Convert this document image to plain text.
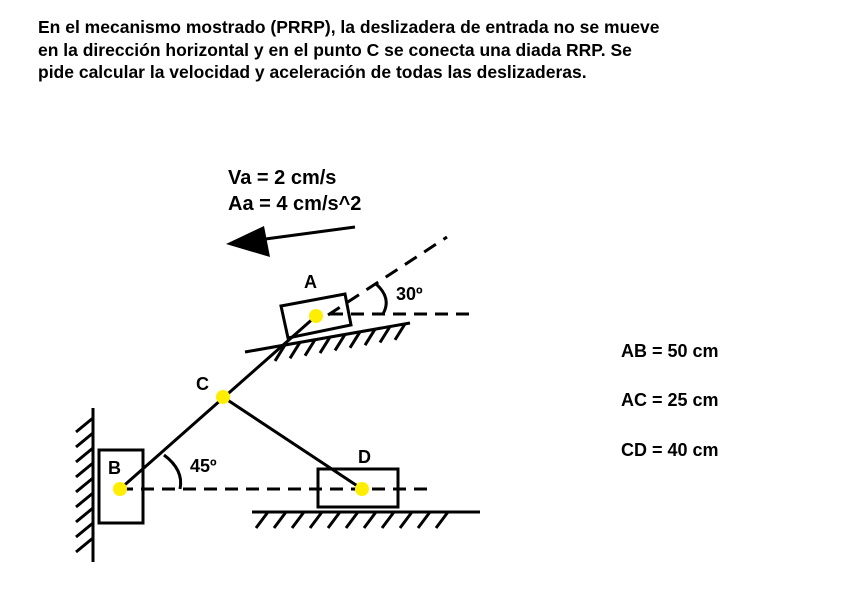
En el mecanismo mostrado (PRRP), la deslizadera de entrada no se mueve
en la dirección horizontal y en el punto C se conecta una diada RRP. Se
pide calcular la velocidad y aceleración de todas las deslizaderas.
Va = 2 cm/s
Aa = 4 cm/s^2
A
B
C
D
30º
45º
AB = 50 cm
AC = 25 cm
CD = 40 cm
